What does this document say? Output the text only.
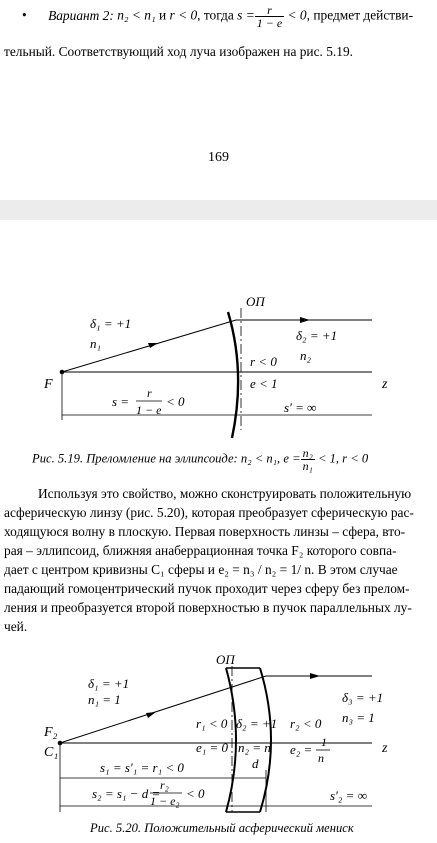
• Вариант 2: n₂ < n₁ и r < 0, тогда $s = \frac{r}{1 - e} < 0$, предмет действи-
тельный. Соответствующий ход луча изображен на рис. 5.19.
169
ОП
δ₁ = +1
n₁
δ₂ = +1
n₂
r < 0
e < 1
F	z
s =
r
1 − e
< 0	s′ = ∞
Рис. 5.19. Преломление на эллипсоиде: n₂ < n₁, $e = \frac{\text{n₂}}{\text{n₁}} < 1$, r < 0
Используя это свойство, можно сконструировать положительную
асферическую линзу (рис. 5.20), которая преобразует сферическую рас-
ходящуюся волну в плоскую. Первая поверхность линзы – сфера, вто-
рая – эллипсоид, ближняя анаберрационная точка F₂ которого совпа-
дает с центром кривизны C₁ сферы и e₂ = n₃ / n₂ = 1/ n. В этом случае
падающий гомоцентрический пучок проходит через сферу без прелом-
ления и преобразуется второй поверхностью в пучок параллельных лу-
чей.
ОП
δ₁ = +1
n₁ = 1	δ₃ = +1
n₃ = 1
F₂
C₁
r₁ < 0
e₁ = 0
δ₂ = +1
n₂ = n
d
r₂ < 0
e₂ = 1
n
z
s₁ = s′₁ = r₁ < 0
s₂ = s₁ − d =
r₂
1 − e₂ < 0	s′₂ = ∞
Рис. 5.20. Положительный асферический мениск
